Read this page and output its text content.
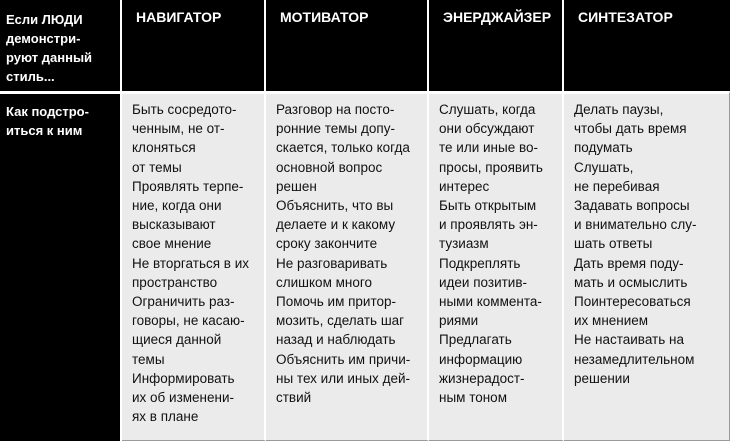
Если ЛЮДИ
демонстри-
руют данный
стиль...
НАВИГАТОР	МОТИВАТОР	ЭНЕРДЖАЙЗЕР СИНТЕЗАТОР
Как подстро-
иться к ним
Быть сосредото-
ченным, не от-
клоняться
от темы
Проявлять терпе-
ние, когда они
высказывают
свое мнение
Не вторгаться в их
пространство
Ограничить раз-
говоры, не касаю-
щиеся данной
темы
Информировать
их об изменени-
ях в плане
Разговор на посто-
ронние темы допу-
скается, только когда
основной вопрос
решен
Объяснить, что вы
делаете и к какому
сроку закончите
Не разговаривать
слишком много
Помочь им притор-
мозить, сделать шаг
назад и наблюдать
Объяснить им причи-
ны тех или иных дей-
ствий
Слушать, когда
они обсуждают
те или иные во-
просы, проявить
интерес
Быть открытым
и проявлять эн-
тузиазм
Подкреплять
идеи позитив-
ными коммента-
риями
Предлагать
информацию
жизнерадост-
ным тоном
Делать паузы,
чтобы дать время
подумать
Слушать,
не перебивая
Задавать вопросы
и внимательно слу-
шать ответы
Дать время поду-
мать и осмыслить
Поинтересоваться
их мнением
Не настаивать на
незамедлительном
решении
